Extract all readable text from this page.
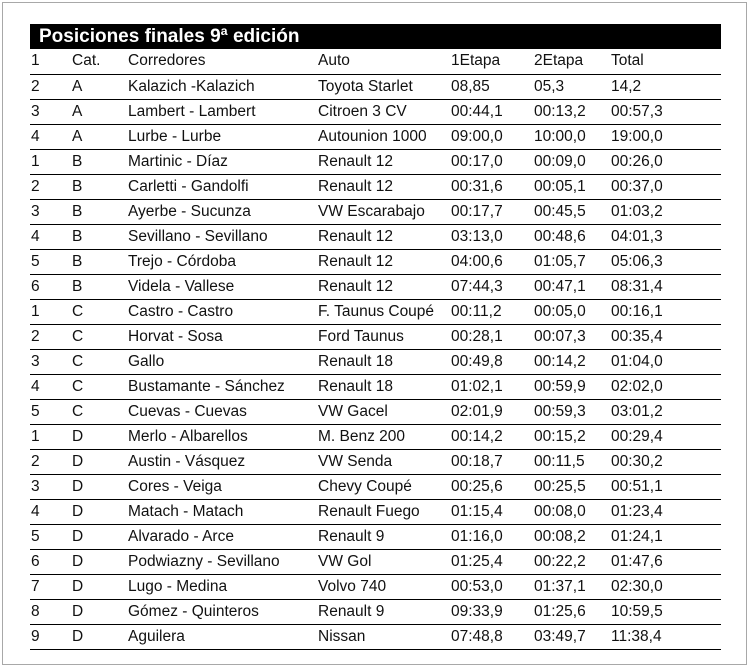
Posiciones finales 9ª edición
1	Cat.	Corredores	Auto	1Etapa	2Etapa	Total
2	A	Kalazich -Kalazich	Toyota Starlet	08,85	05,3	14,2
3	A	Lambert - Lambert	Citroen 3 CV	00:44,1	00:13,2	00:57,3
4	A	Lurbe - Lurbe	Autounion 1000	09:00,0	10:00,0	19:00,0
1	B	Martinic - Díaz	Renault 12	00:17,0	00:09,0	00:26,0
2	B	Carletti - Gandolfi	Renault 12	00:31,6	00:05,1	00:37,0
3	B	Ayerbe - Sucunza	VW Escarabajo	00:17,7	00:45,5	01:03,2
4	B	Sevillano - Sevillano	Renault 12	03:13,0	00:48,6	04:01,3
5	B	Trejo - Córdoba	Renault 12	04:00,6	01:05,7	05:06,3
6	B	Videla - Vallese	Renault 12	07:44,3	00:47,1	08:31,4
1	C	Castro - Castro	F. Taunus Coupé	00:11,2	00:05,0	00:16,1
2	C	Horvat - Sosa	Ford Taunus	00:28,1	00:07,3	00:35,4
3	C	Gallo	Renault 18	00:49,8	00:14,2	01:04,0
4	C	Bustamante - Sánchez	Renault 18	01:02,1	00:59,9	02:02,0
5	C	Cuevas - Cuevas	VW Gacel	02:01,9	00:59,3	03:01,2
1	D	Merlo - Albarellos	M. Benz 200	00:14,2	00:15,2	00:29,4
2	D	Austin - Vásquez	VW Senda	00:18,7	00:11,5	00:30,2
3	D	Cores - Veiga	Chevy Coupé	00:25,6	00:25,5	00:51,1
4	D	Matach - Matach	Renault Fuego	01:15,4	00:08,0	01:23,4
5	D	Alvarado - Arce	Renault 9	01:16,0	00:08,2	01:24,1
6	D	Podwiazny - Sevillano	VW Gol	01:25,4	00:22,2	01:47,6
7	D	Lugo - Medina	Volvo 740	00:53,0	01:37,1	02:30,0
8	D	Gómez - Quinteros	Renault 9	09:33,9	01:25,6	10:59,5
9	D	Aguilera	Nissan	07:48,8	03:49,7	11:38,4
